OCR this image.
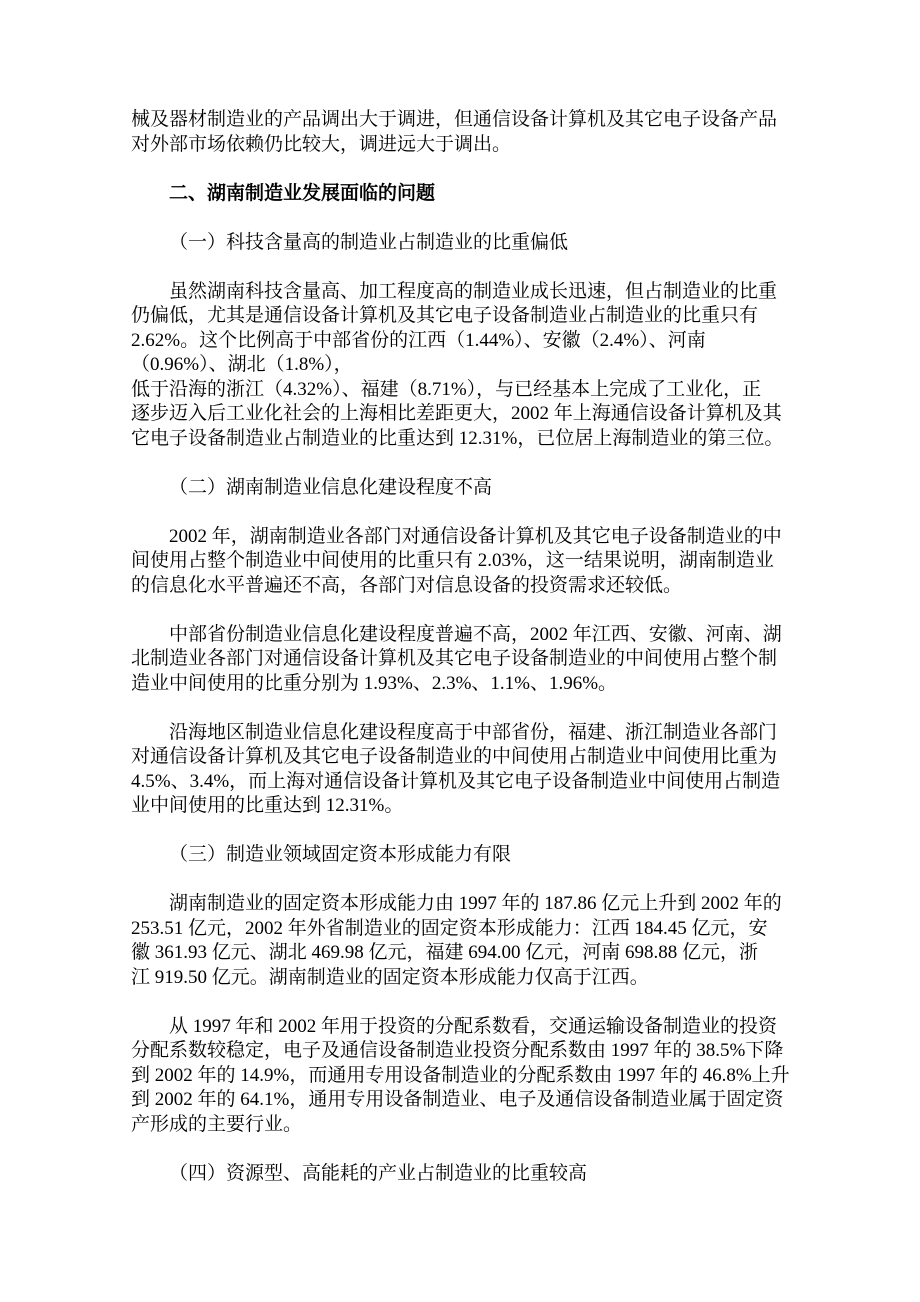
械及器材制造业的产品调出大于调进，但通信设备计算机及其它电子设备产品
对外部市场依赖仍比较大，调进远大于调出。
二、湖南制造业发展面临的问题
（一）科技含量高的制造业占制造业的比重偏低
虽然湖南科技含量高、加工程度高的制造业成长迅速，但占制造业的比重
仍偏低，尤其是通信设备计算机及其它电子设备制造业占制造业的比重只有
2.62%。这个比例高于中部省份的江西（1.44%）、安徽（2.4%）、河南
（0.96%）、湖北（1.8%），
低于沿海的浙江（4.32%）、福建（8.71%），与已经基本上完成了工业化，正
逐步迈入后工业化社会的上海相比差距更大，2002 年上海通信设备计算机及其
它电子设备制造业占制造业的比重达到 12.31%，已位居上海制造业的第三位。
（二）湖南制造业信息化建设程度不高
2002 年，湖南制造业各部门对通信设备计算机及其它电子设备制造业的中
间使用占整个制造业中间使用的比重只有 2.03%，这一结果说明，湖南制造业
的信息化水平普遍还不高，各部门对信息设备的投资需求还较低。
中部省份制造业信息化建设程度普遍不高，2002 年江西、安徽、河南、湖
北制造业各部门对通信设备计算机及其它电子设备制造业的中间使用占整个制
造业中间使用的比重分别为 1.93%、2.3%、1.1%、1.96%。
沿海地区制造业信息化建设程度高于中部省份，福建、浙江制造业各部门
对通信设备计算机及其它电子设备制造业的中间使用占制造业中间使用比重为
4.5%、3.4%，而上海对通信设备计算机及其它电子设备制造业中间使用占制造
业中间使用的比重达到 12.31%。
（三）制造业领域固定资本形成能力有限
湖南制造业的固定资本形成能力由 1997 年的 187.86 亿元上升到 2002 年的
253.51 亿元，2002 年外省制造业的固定资本形成能力：江西 184.45 亿元，安
徽 361.93 亿元、湖北 469.98 亿元，福建 694.00 亿元，河南 698.88 亿元，浙
江 919.50 亿元。湖南制造业的固定资本形成能力仅高于江西。
从 1997 年和 2002 年用于投资的分配系数看，交通运输设备制造业的投资
分配系数较稳定，电子及通信设备制造业投资分配系数由 1997 年的 38.5%下降
到 2002 年的 14.9%，而通用专用设备制造业的分配系数由 1997 年的 46.8%上升
到 2002 年的 64.1%，通用专用设备制造业、电子及通信设备制造业属于固定资
产形成的主要行业。
（四）资源型、高能耗的产业占制造业的比重较高
